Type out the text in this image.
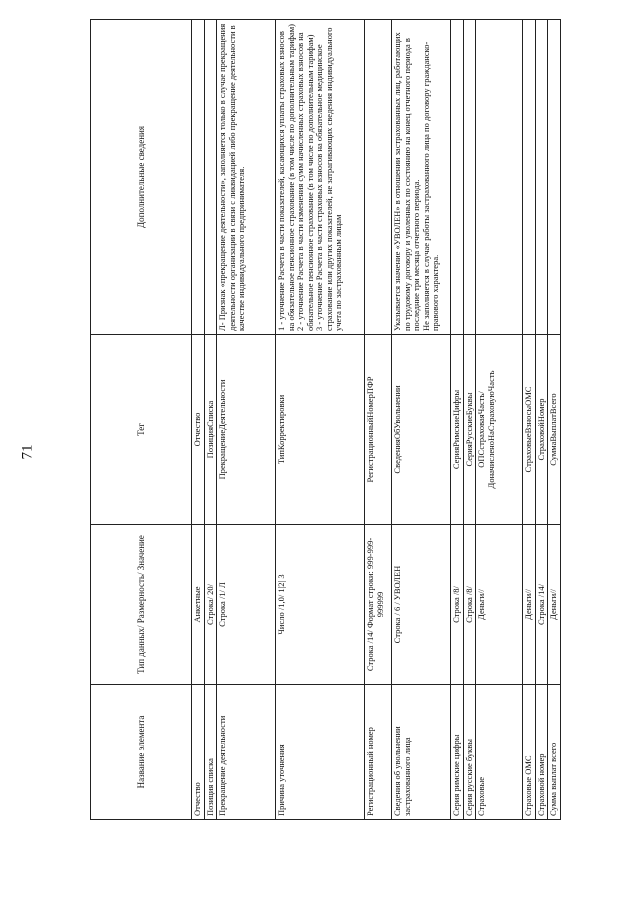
71
Название элемента	Тип данных/ Размерность/ Значение	Тег	Дополнительные сведения
Отчество	Анкетные	Отчество	
Позиция списка	Строка/ 20/	ПозицияСписка	
Прекращение деятельности	Строка /1/ Л	ПрекращениеДеятельности	Л- Признак «прекращение деятельности», заполняется только в случае прекращения деятельности организации в связи с ликвидацией либо прекращение деятельности в качестве индивидуального предпринимателя.
Причина уточнения	Число /1,0/ 1|2| 3	ТипКорректировки	1 - уточнение Расчета в части показателей, касающихся уплаты страховых взносов на обязательное пенсионное страхование (в том числе по дополнительным тарифам)
2 - уточнение Расчета в части изменения сумм начисленных страховых взносов на обязательное пенсионное страхование (в том числе по дополнительным тарифам)
3 - уточнение Расчета в части страховых взносов на обязательное медицинское страхование или других показателей, не затрагивающих сведения индивидуального учета по застрахованным лицам
Регистрационный номер	Строка /14/ Формат строки: 999-999-999999	РегистрационныйНомерПФР	
Сведения об увольнении застрахованного лица	Строка / 6 / УВОЛЕН	СведенияОбУвольнении	Указывается значение «УВОЛЕН» в отношении застрахованных лиц, работающих по трудовому договору и уволенных по состоянию на конец отчетного периода в последние три месяца отчетного периода.
Не заполняется в случае работы застрахованного лица по договору гражданско-правового характера.
Серия римские цифры	Строка /8/	СерияРимскиеЦифры	
Серия русские буквы	Строка /8/	СерияРусскиеБуквы	
Страховые	Деньги//	ОПСстраховаяЧасть/ ДоначисленоНаСтраховуюЧасть	
Страховые ОМС	Деньги//	СтраховыеВзносыОМС	
Страховой номер	Строка /14/	СтраховойНомер	
Сумма выплат всего	Деньги//	СуммаВыплатВсего	
